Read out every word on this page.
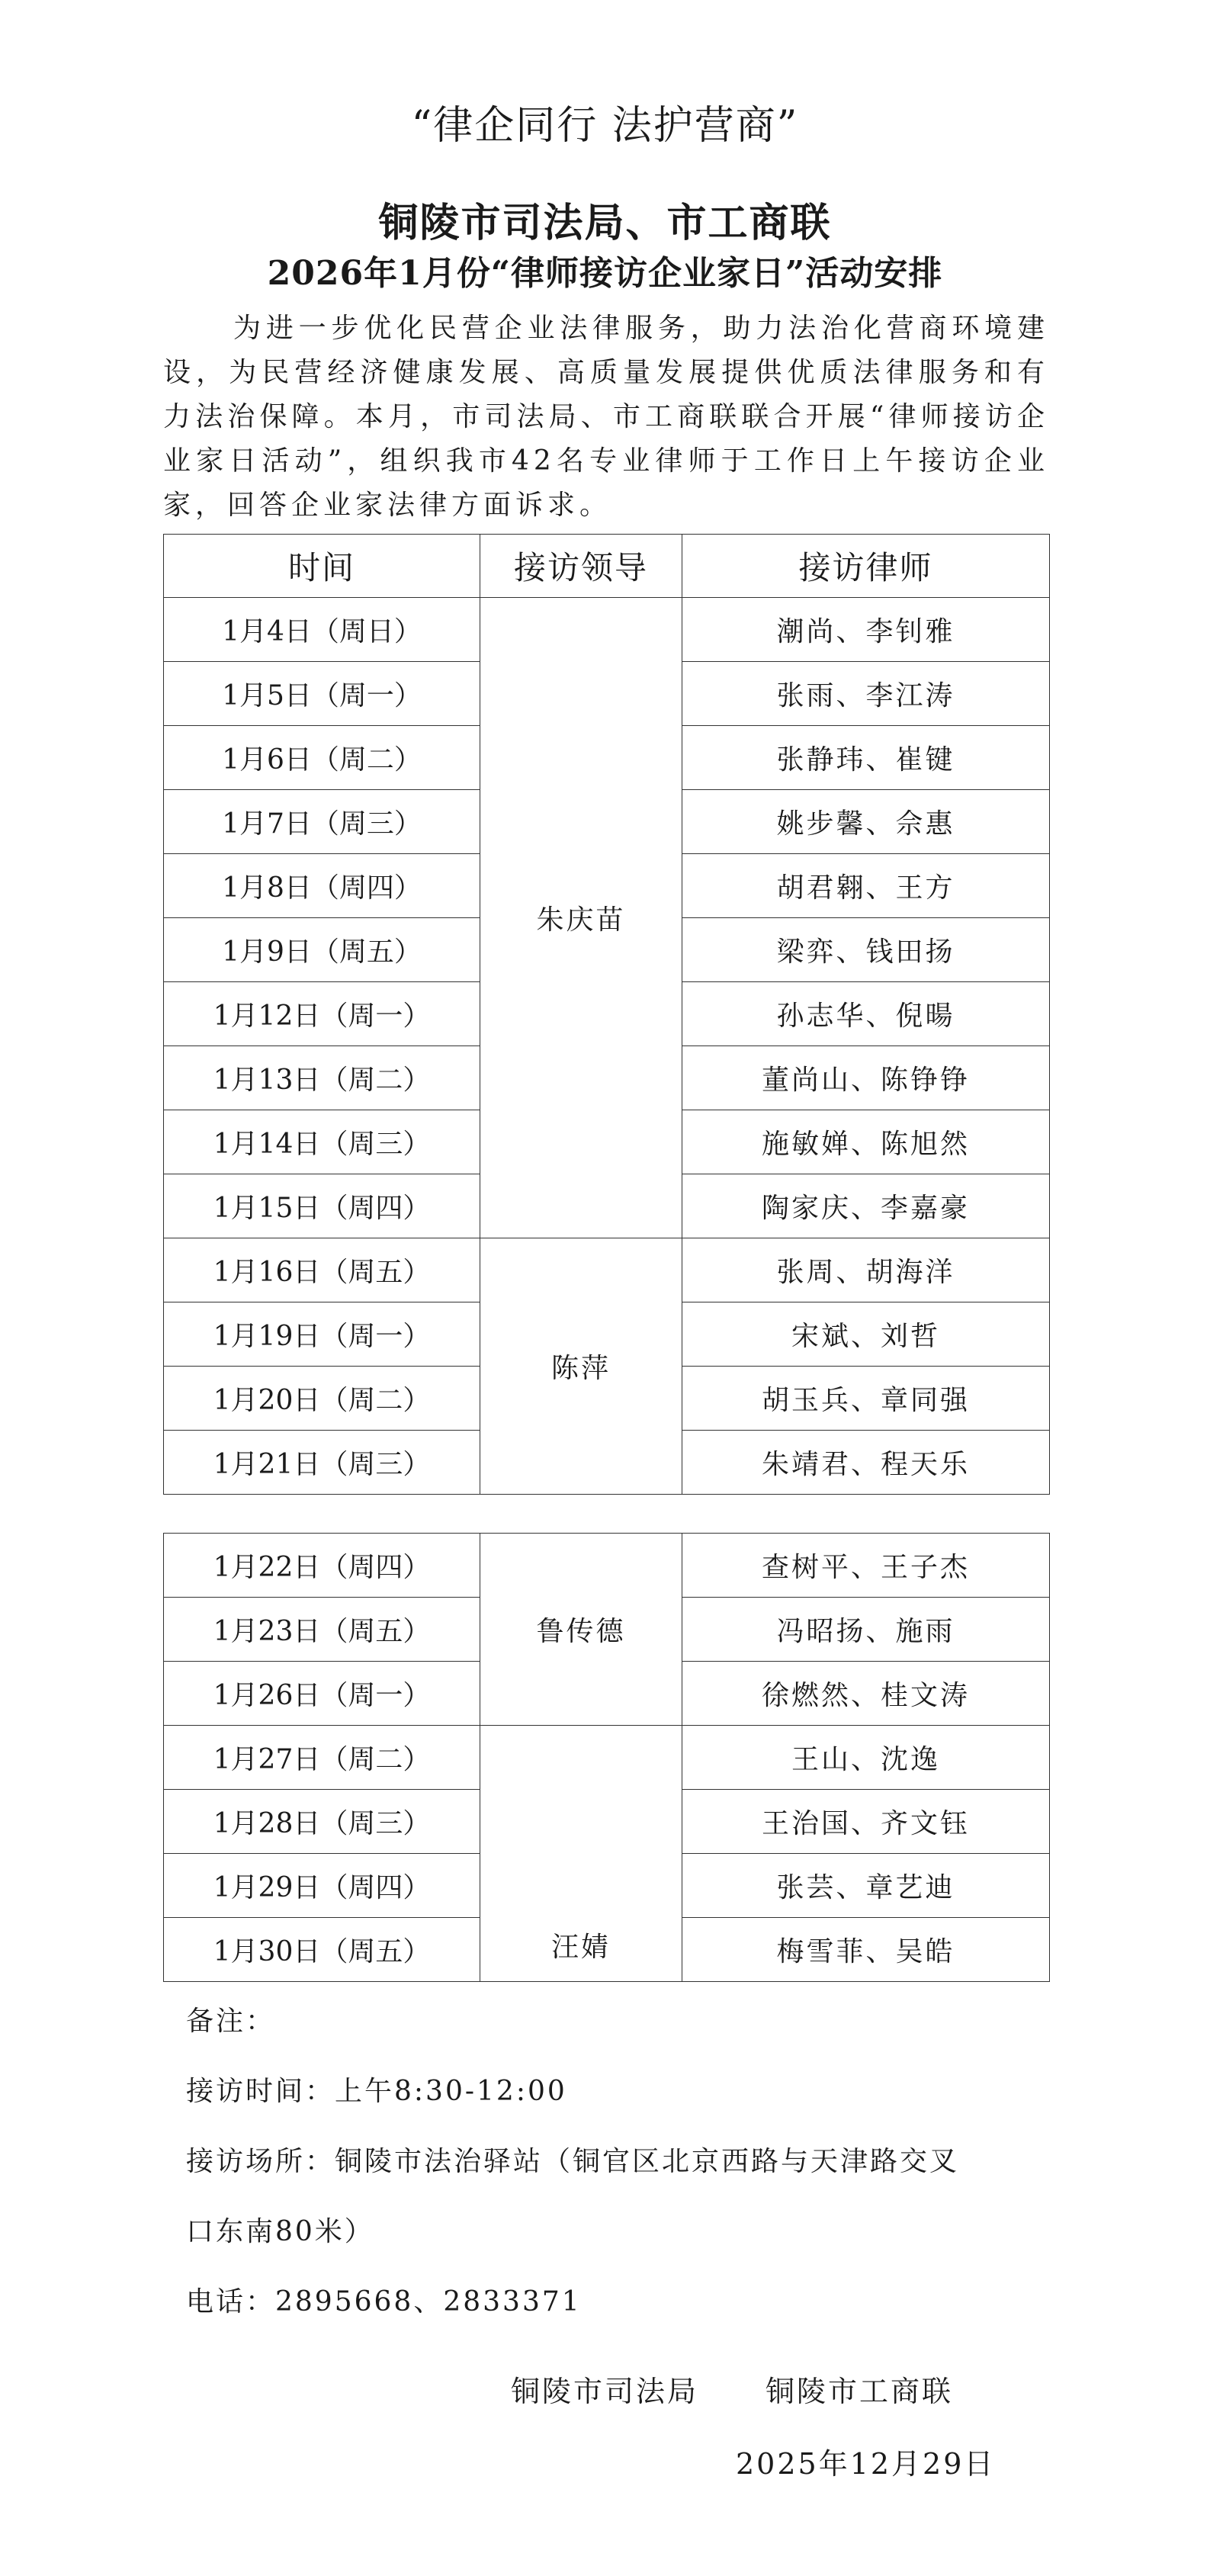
“律企同行 法护营商”
铜陵市司法局、市工商联
2026年1月份“律师接访企业家日”活动安排

为进一步优化民营企业法律服务，助力法治化营商环境建设，为民营经济健康发展、高质量发展提供优质法律服务和有力法治保障。本月，市司法局、市工商联联合开展“律师接访企业家日活动”，组织我市42名专业律师于工作日上午接访企业家，回答企业家法律方面诉求。

时间	接访领导	接访律师
1月4日（周日）	朱庆苗	潮尚、李钊雅
1月5日（周一）		张雨、李江涛
1月6日（周二）		张静玮、崔键
1月7日（周三）		姚步馨、佘惠
1月8日（周四）		胡君翱、王方
1月9日（周五）		梁弈、钱田扬
1月12日（周一）		孙志华、倪暘
1月13日（周二）		董尚山、陈铮铮
1月14日（周三）		施敏婵、陈旭然
1月15日（周四）		陶家庆、李嘉豪
1月16日（周五）	陈萍	张周、胡海洋
1月19日（周一）		宋斌、刘哲
1月20日（周二）		胡玉兵、章同强
1月21日（周三）		朱靖君、程天乐
1月22日（周四）	鲁传德	查树平、王子杰
1月23日（周五）		冯昭扬、施雨
1月26日（周一）		徐燃然、桂文涛
1月27日（周二）	汪婧	王山、沈逸
1月28日（周三）		王治国、齐文钰
1月29日（周四）		张芸、章艺迪
1月30日（周五）		梅雪菲、吴皓
备注：
接访时间：上午8:30-12:00
接访场所：铜陵市法治驿站（铜官区北京西路与天津路交叉
口东南80米）
电话：2895668、2833371
铜陵市司法局 铜陵市工商联
2025年12月29日
